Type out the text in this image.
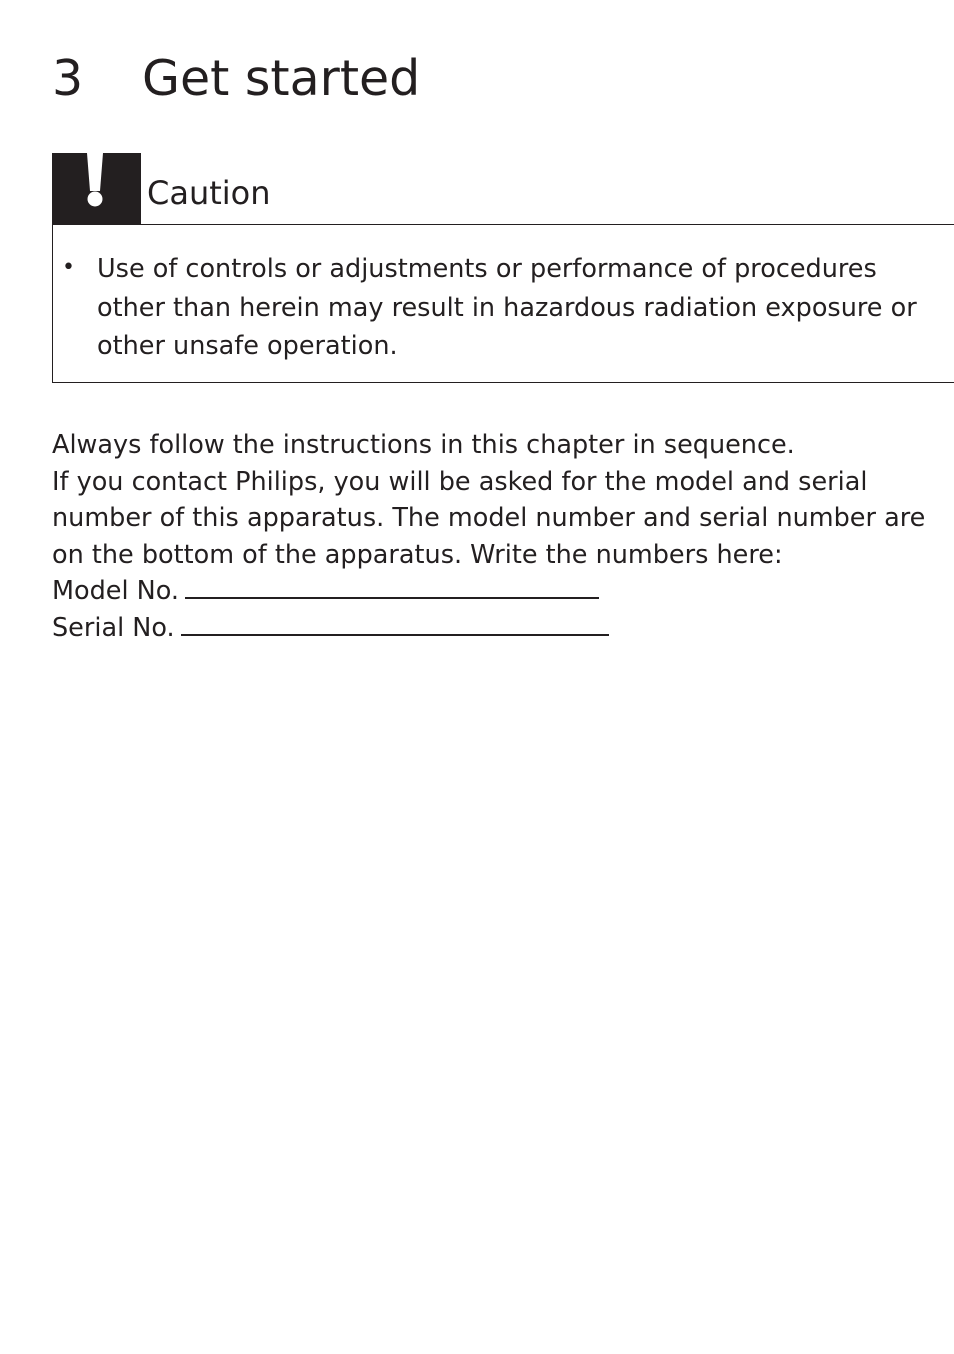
3 Get started
Caution
• Use of controls or adjustments or performance of procedures other than herein may result in hazardous radiation exposure or other unsafe operation.

Always follow the instructions in this chapter in sequence.
If you contact Philips, you will be asked for the model and serial number of this apparatus. The model number and serial number are on the bottom of the apparatus. Write the numbers here:
Model No.
Serial No.
